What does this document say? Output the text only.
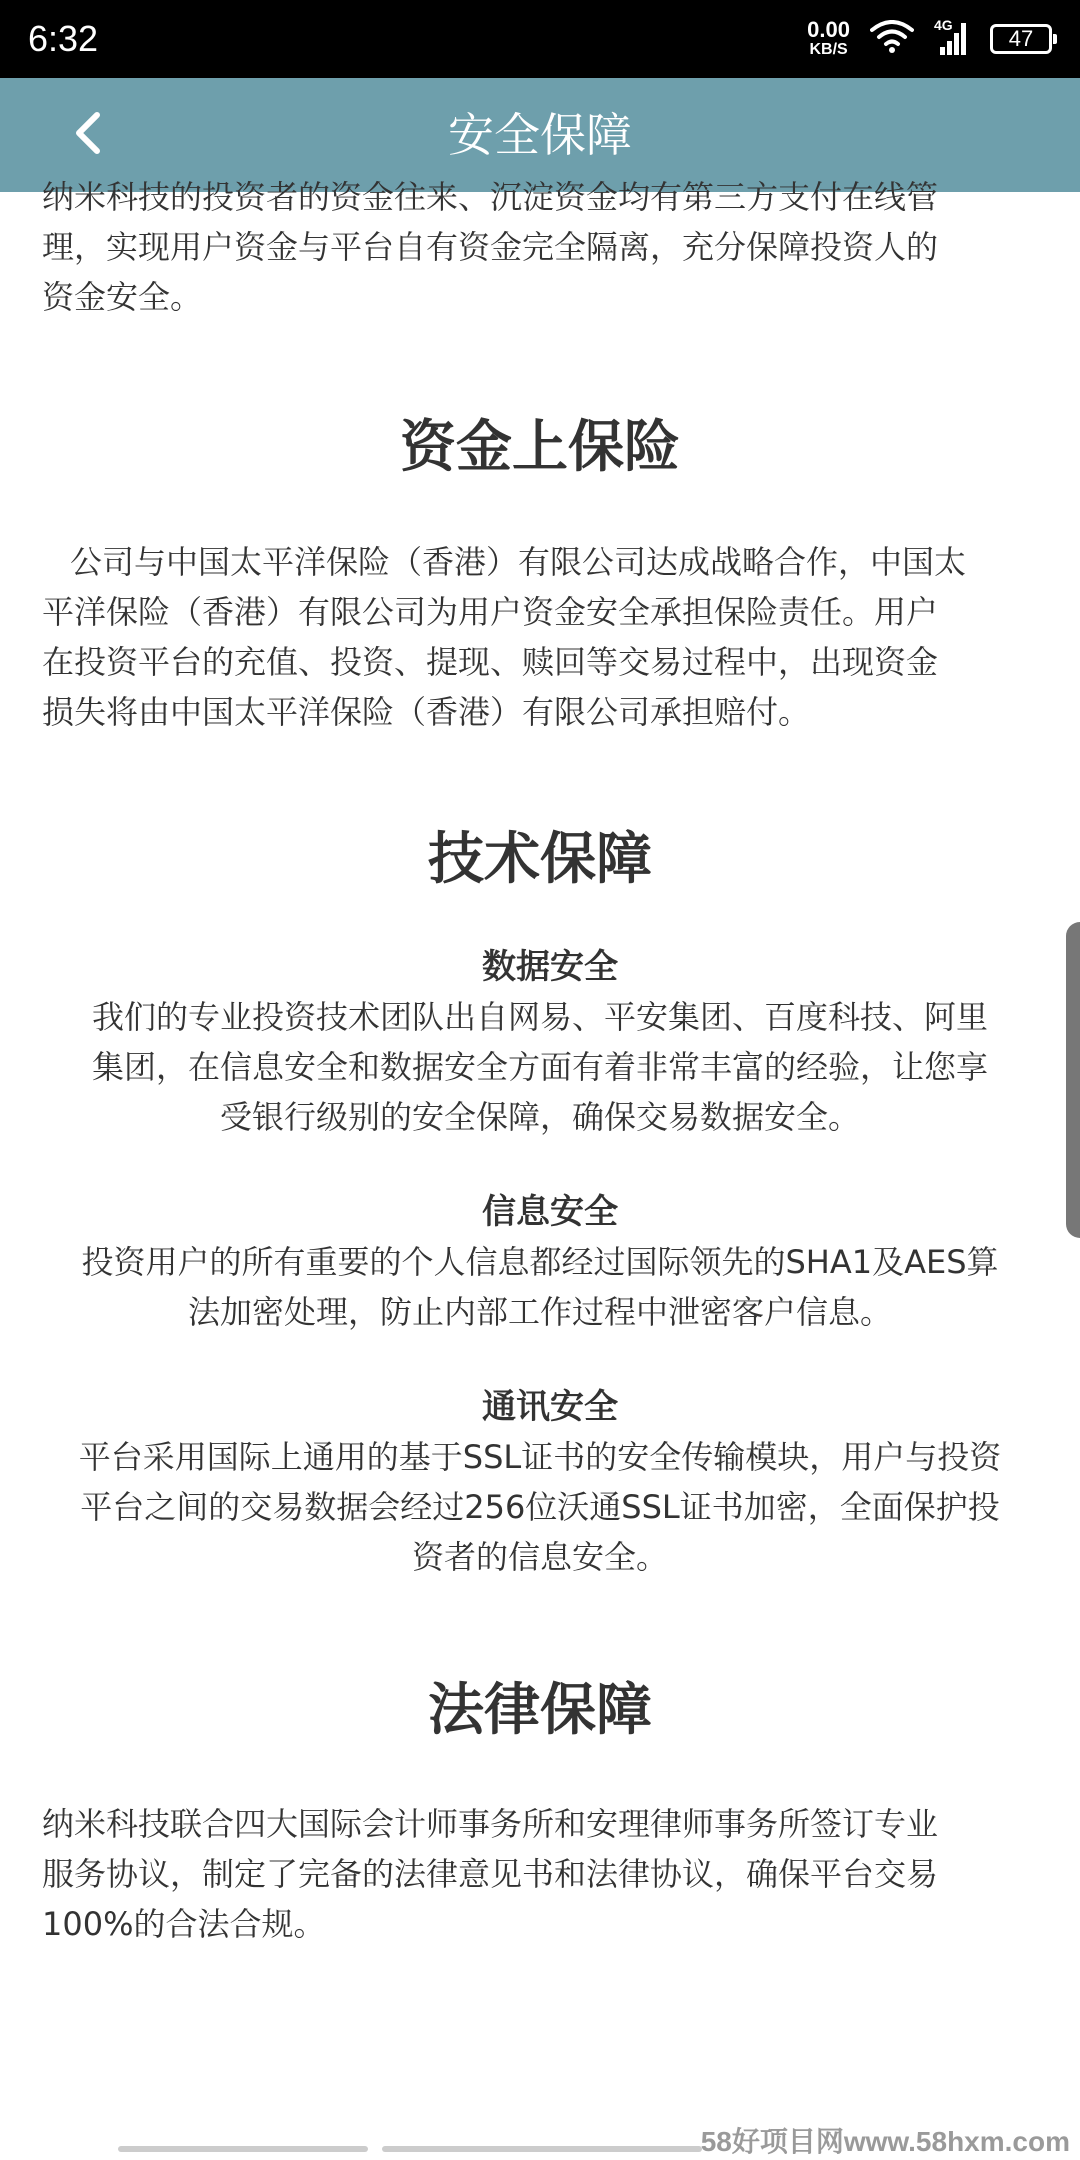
6:32	0.00
KB/S
4G
47
安全保障

纳米科技的投资者的资金往来、沉淀资金均有第三方支付在线管
理，实现用户资金与平台自有资金完全隔离，充分保障投资人的
资金安全。

资金上保险

公司与中国太平洋保险（香港）有限公司达成战略合作，中国太
平洋保险（香港）有限公司为用户资金安全承担保险责任。用户
在投资平台的充值、投资、提现、赎回等交易过程中，出现资金
损失将由中国太平洋保险（香港）有限公司承担赔付。

技术保障
数据安全

我们的专业投资技术团队出自网易、平安集团、百度科技、阿里
集团，在信息安全和数据安全方面有着非常丰富的经验，让您享
受银行级别的安全保障，确保交易数据安全。

信息安全

投资用户的所有重要的个人信息都经过国际领先的SHA1及AES算
法加密处理，防止内部工作过程中泄密客户信息。

通讯安全

平台采用国际上通用的基于SSL证书的安全传输模块，用户与投资
平台之间的交易数据会经过256位沃通SSL证书加密，全面保护投
资者的信息安全。

法律保障

纳米科技联合四大国际会计师事务所和安理律师事务所签订专业
服务协议，制定了完备的法律意见书和法律协议，确保平台交易
100%的合法合规。

58好项目网www.58hxm.com
